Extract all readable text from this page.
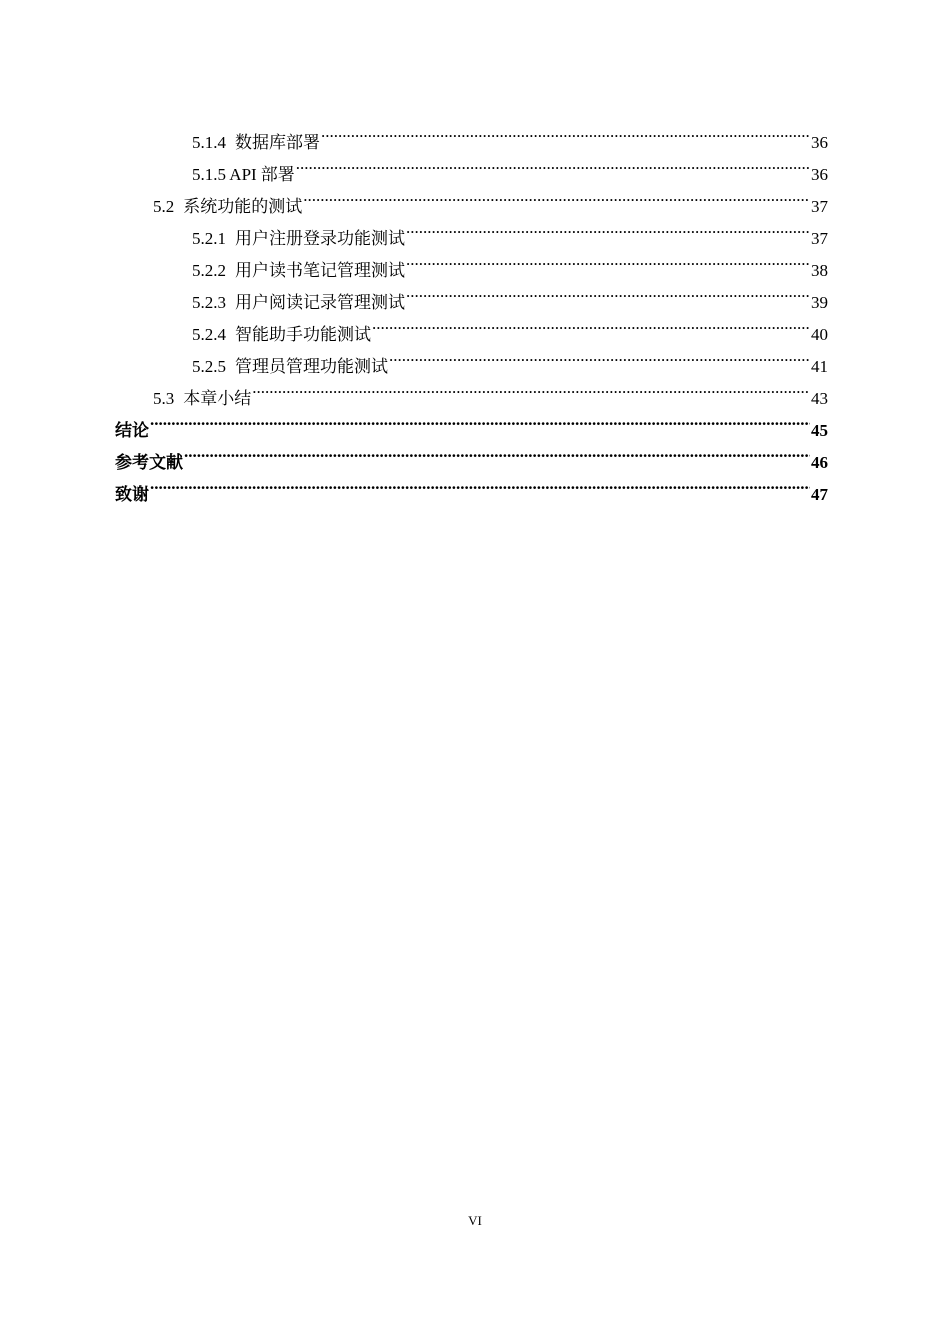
5.1.4 数据库部署 .....	36
5.1.5 API 部署 .....	36
5.2 系统功能的测试 .....	37
5.2.1 用户注册登录功能测试 .....	37
5.2.2 用户读书笔记管理测试 .....	38
5.2.3 用户阅读记录管理测试 .....	39
5.2.4 智能助手功能测试 .....	40
5.2.5 管理员管理功能测试 .....	41
5.3 本章小结 .....	43
结论 .....	45
参考文献 .....	46
致谢 .....	47
VI
